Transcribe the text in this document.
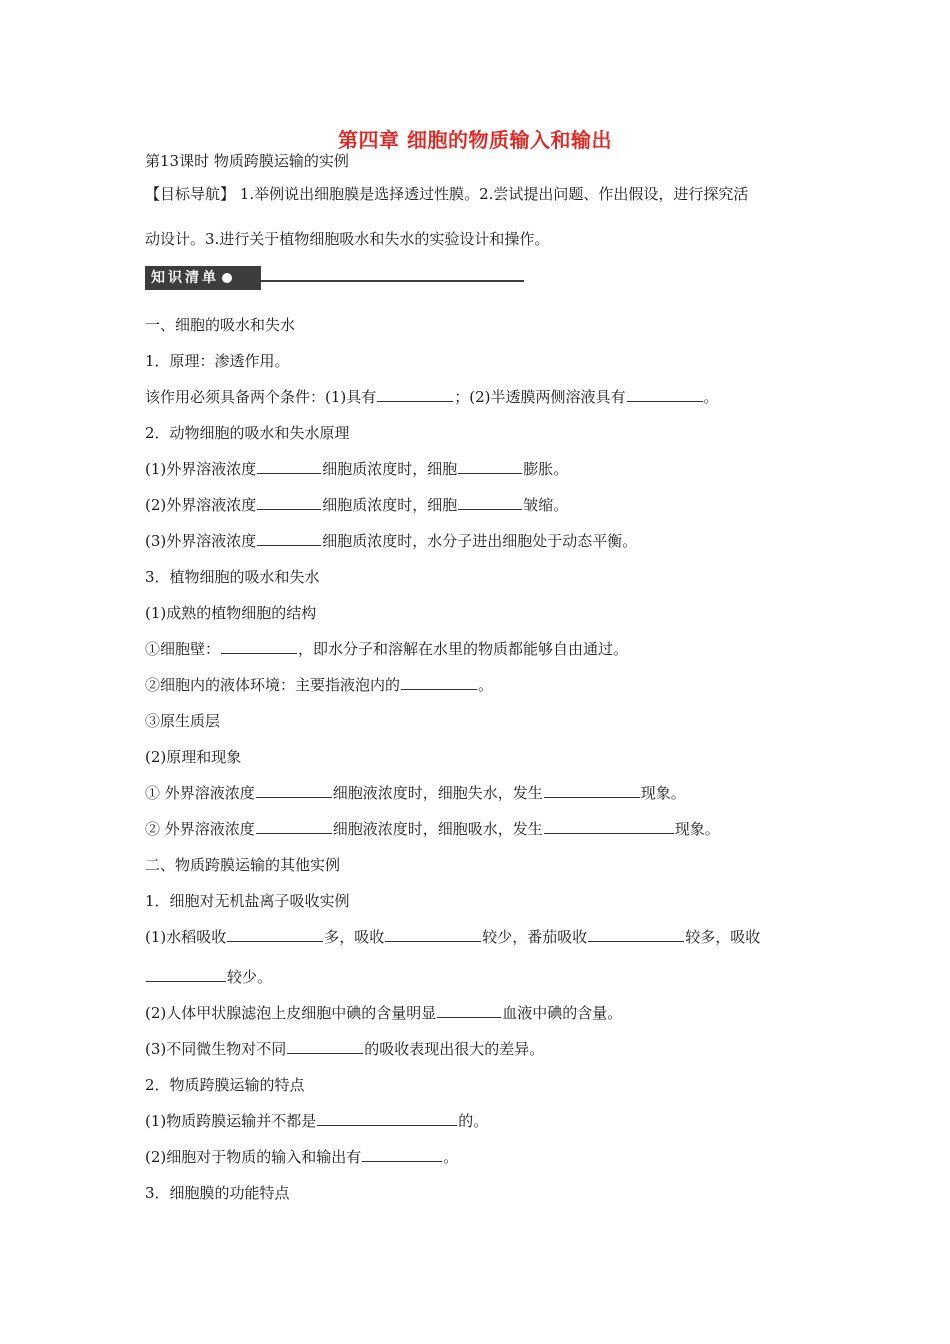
第四章 细胞的物质输入和输出
第13课时 物质跨膜运输的实例
【目标导航】 1.举例说出细胞膜是选择透过性膜。2.尝试提出问题、作出假设，进行探究活
动设计。3.进行关于植物细胞吸水和失水的实验设计和操作。
知识清单
一、细胞的吸水和失水
1．原理：渗透作用。
该作用必须具备两个条件：(1)具有	；(2)半透膜两侧溶液具有	。
2．动物细胞的吸水和失水原理
(1)外界溶液浓度	细胞质浓度时，细胞	膨胀。
(2)外界溶液浓度	细胞质浓度时，细胞	皱缩。
(3)外界溶液浓度	细胞质浓度时，水分子进出细胞处于动态平衡。
3．植物细胞的吸水和失水
(1)成熟的植物细胞的结构
①细胞壁：	，即水分子和溶解在水里的物质都能够自由通过。
②细胞内的液体环境：主要指液泡内的	。
③原生质层
(2)原理和现象
① 外界溶液浓度	细胞液浓度时，细胞失水，发生	现象。
② 外界溶液浓度	细胞液浓度时，细胞吸水，发生	现象。
二、物质跨膜运输的其他实例
1．细胞对无机盐离子吸收实例
(1)水稻吸收	多，吸收	较少，番茄吸收	较多，吸收
较少。
(2)人体甲状腺滤泡上皮细胞中碘的含量明显	血液中碘的含量。
(3)不同微生物对不同	的吸收表现出很大的差异。
2．物质跨膜运输的特点
(1)物质跨膜运输并不都是	的。
(2)细胞对于物质的输入和输出有	。
3．细胞膜的功能特点
